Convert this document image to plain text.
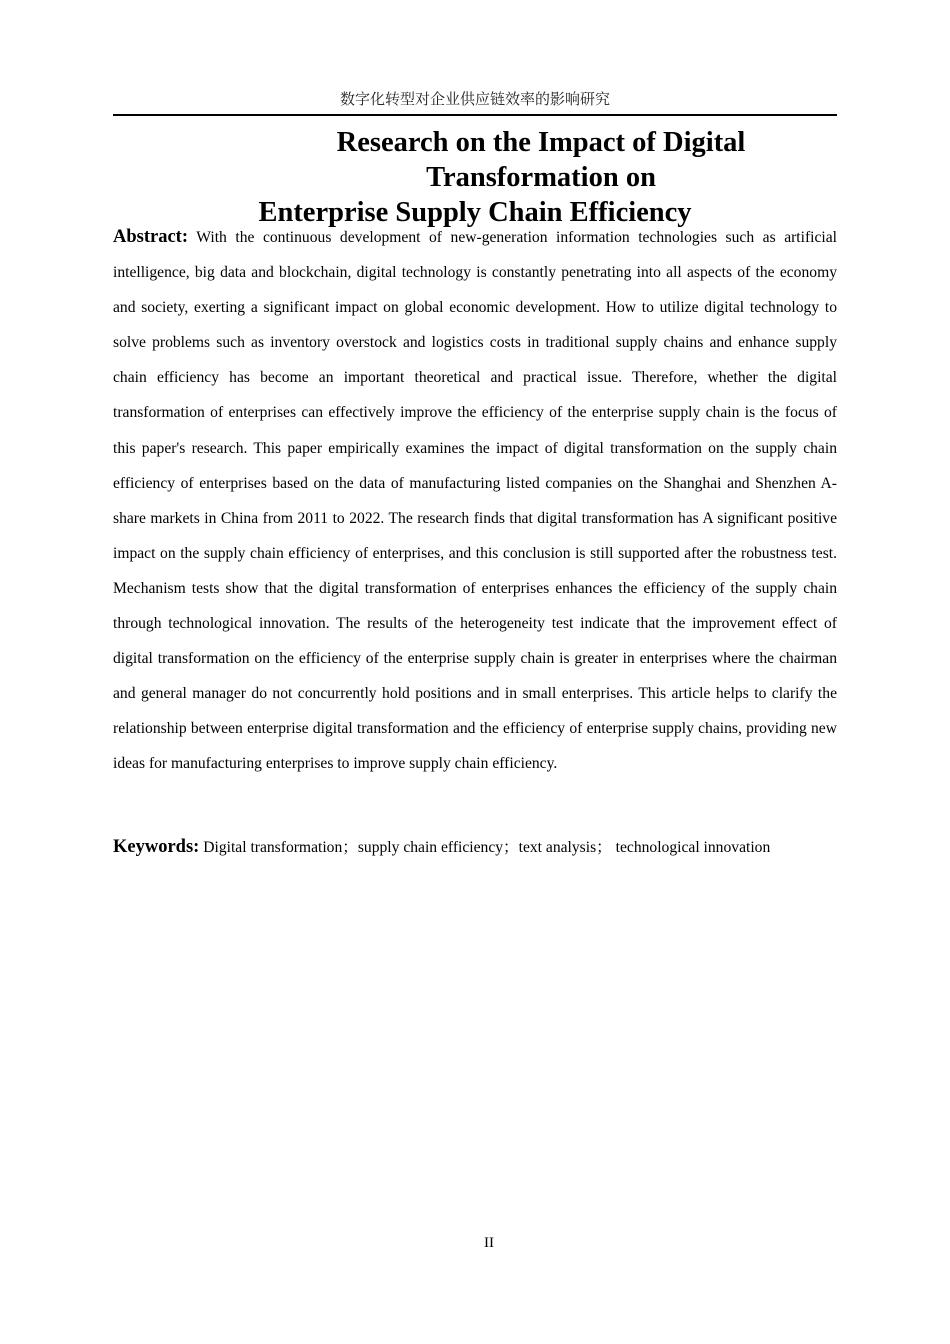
数字化转型对企业供应链效率的影响研究
Research on the Impact of Digital Transformation on
Enterprise Supply Chain Efficiency

Abstract: With the continuous development of new-generation information technologies such as artificial intelligence, big data and blockchain, digital technology is constantly penetrating into all aspects of the economy and society, exerting a significant impact on global economic development. How to utilize digital technology to solve problems such as inventory overstock and logistics costs in traditional supply chains and enhance supply chain efficiency has become an important theoretical and practical issue. Therefore, whether the digital transformation of enterprises can effectively improve the efficiency of the enterprise supply chain is the focus of this paper's research. This paper empirically examines the impact of digital transformation on the supply chain efficiency of enterprises based on the data of manufacturing listed companies on the Shanghai and Shenzhen A-share markets in China from 2011 to 2022. The research finds that digital transformation has A significant positive impact on the supply chain efficiency of enterprises, and this conclusion is still supported after the robustness test. Mechanism tests show that the digital transformation of enterprises enhances the efficiency of the supply chain through technological innovation. The results of the heterogeneity test indicate that the improvement effect of digital transformation on the efficiency of the enterprise supply chain is greater in enterprises where the chairman and general manager do not concurrently hold positions and in small enterprises. This article helps to clarify the relationship between enterprise digital transformation and the efficiency of enterprise supply chains, providing new ideas for manufacturing enterprises to improve supply chain efficiency.

Keywords: Digital transformation；supply chain efficiency；text analysis； technological innovation

II
